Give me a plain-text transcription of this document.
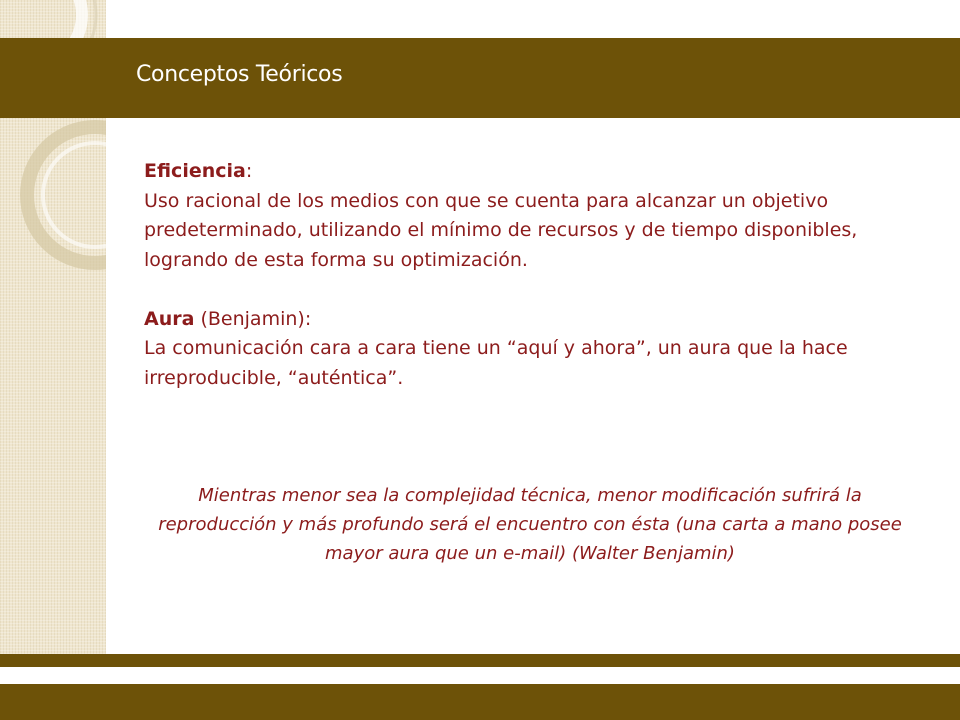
Conceptos Teóricos

Eficiencia:

Uso racional de los medios con que se cuenta para alcanzar un objetivo predeterminado, utilizando el mínimo de recursos y de tiempo disponibles, logrando de esta forma su optimización.

Aura (Benjamin):

La comunicación cara a cara tiene un “aquí y ahora”, un aura que la hace irreproducible, “auténtica”.

Mientras menor sea la complejidad técnica, menor modificación sufrirá la reproducción y más profundo será el encuentro con ésta (una carta a mano posee mayor aura que un e-mail) (Walter Benjamin)
